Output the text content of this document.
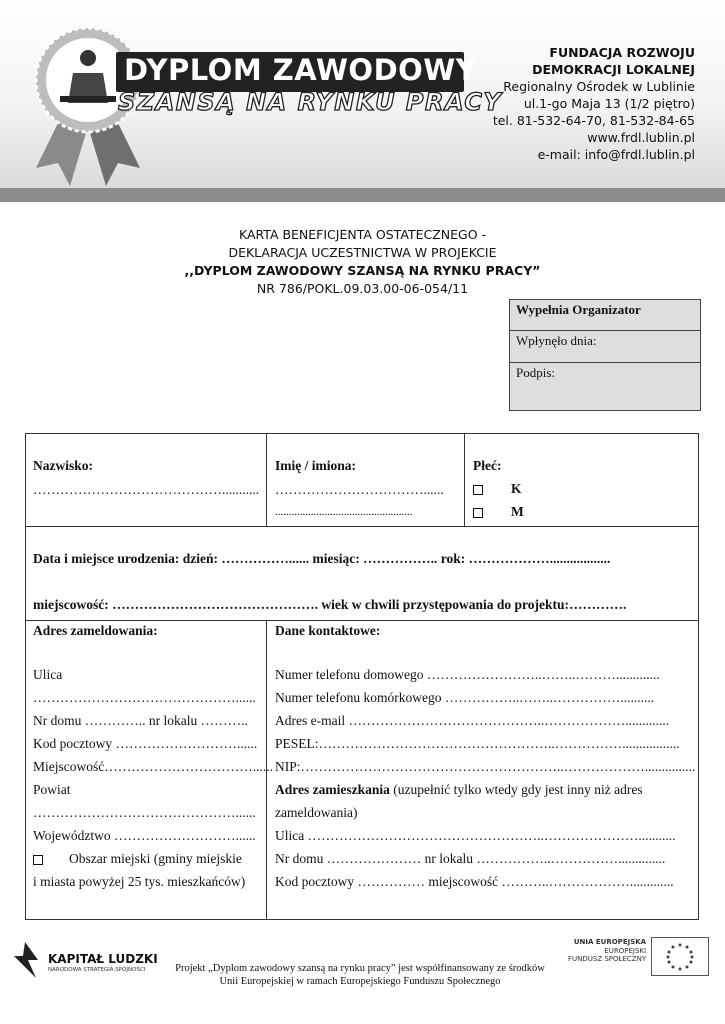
DYPLOM ZAWODOWY
SZANSĄ NA RYNKU PRACY
FUNDACJA ROZWOJU
DEMOKRACJI LOKALNEJ
Regionalny Ośrodek w Lublinie
ul.1-go Maja 13 (1/2 piętro)
tel. 81-532-64-70, 81-532-84-65
www.frdl.lublin.pl
e-mail: info@frdl.lublin.pl
KARTA BENEFICJENTA OSTATECZNEGO -
DEKLARACJA UCZESTNICTWA W PROJEKCIE
,,DYPLOM ZAWODOWY SZANSĄ NA RYNKU PRACY”
NR 786/POKL.09.03.00-06-054/11
Wypełnia Organizator
Wpłynęło dnia:
Podpis:
Nazwisko:
……………………………………...........
Imię / imiona:
……………………………......
..................................................
Płeć:
K
M
Data i miejsce urodzenia: dzień: ……………...... miesiąc: …………….. rok: ………………..................
miejscowość: ………………………………………. wiek w chwili przystępowania do projektu:………….
Adres zameldowania:
Ulica
………………………………………......
Nr domu ………….. nr lokalu ………..
Kod pocztowy ………………………......
Miejscowość……………………………......
Powiat
………………………………………......
Województwo ………………………......
Obszar miejski (gminy miejskie
i miasta powyżej 25 tys. mieszkańców)
Dane kontaktowe:
Numer telefonu domowego ……………………..……..……….............
Numer telefonu komórkowego ……………..……..……………..........
Adres e-mail ……………………………………..……………….............
PESEL:……………………………………………..…………….................
NIP:…………………………………………………..………………...............
Adres zamieszkania (uzupełnić tylko wtedy gdy jest inny niż adres
zameldowania)
Ulica ……………………………………………..…………………...........
Nr domu ………………… nr lokalu ……………..……………..............
Kod pocztowy …………… miejscowość ………..……………….............
KAPITAŁ LUDZKI
NARODOWA STRATEGIA SPÓJNOŚCI	Projekt „Dyplom zawodowy szansą na rynku pracy” jest współfinansowany ze środków
Unii Europejskiej w ramach Europejskiego Funduszu Społecznego
UNIA EUROPEJSKA
EUROPEJSKI
FUNDUSZ SPOŁECZNY
